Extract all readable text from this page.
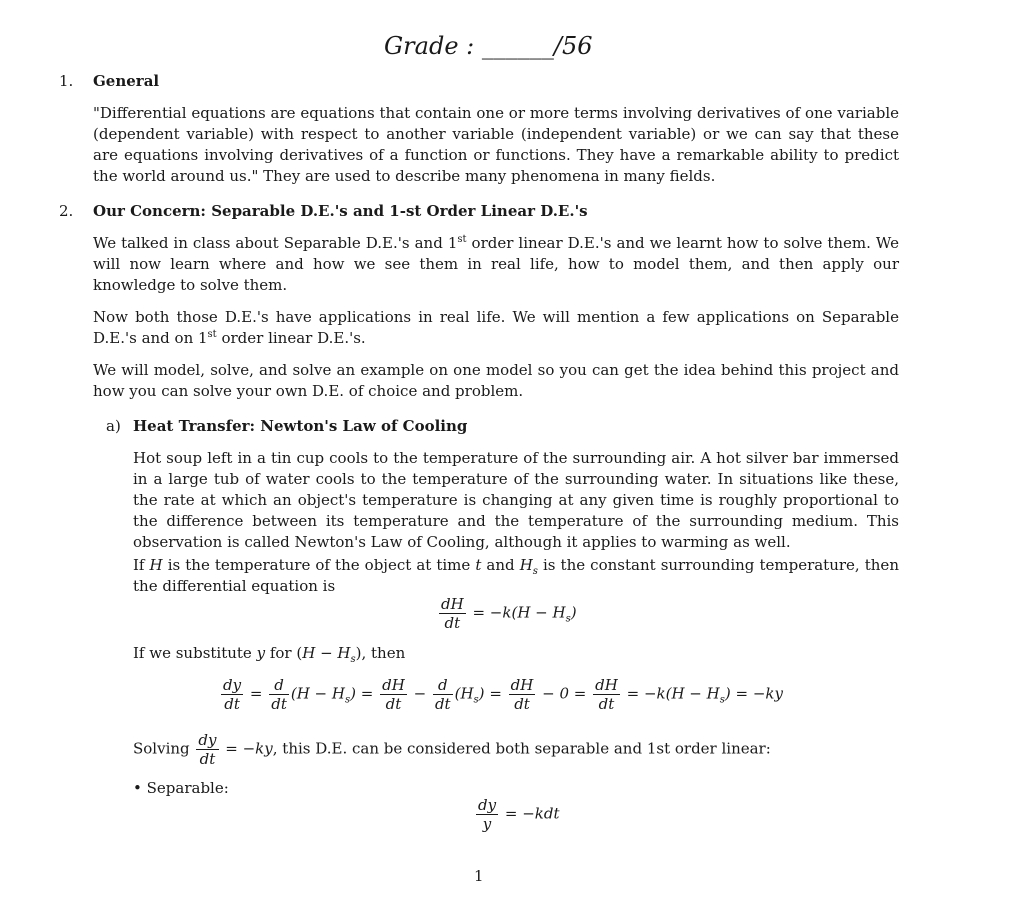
Grade : ______/56
1. General
"Differential equations are equations that contain one or more terms involving derivatives of one variable (dependent variable) with respect to another variable (independent variable) or we can say that these are equations involving derivatives of a function or functions. They have a remarkable ability to predict the world around us." They are used to describe many phenomena in many fields.
2. Our Concern: Separable D.E.'s and 1-st Order Linear D.E.'s
We talked in class about Separable D.E.'s and 1st order linear D.E.'s and we learnt how to solve them. We will now learn where and how we see them in real life, how to model them, and then apply our knowledge to solve them.
Now both those D.E.'s have applications in real life. We will mention a few applications on Separable D.E.'s and on 1st order linear D.E.'s.
We will model, solve, and solve an example on one model so you can get the idea behind this project and how you can solve your own D.E. of choice and problem.
a) Heat Transfer: Newton's Law of Cooling
Hot soup left in a tin cup cools to the temperature of the surrounding air. A hot silver bar immersed in a large tub of water cools to the temperature of the surrounding water. In situations like these, the rate at which an object's temperature is changing at any given time is roughly proportional to the difference between its temperature and the temperature of the surrounding medium. This observation is called Newton's Law of Cooling, although it applies to warming as well.
If H is the temperature of the object at time t and $H_s$ is the constant surrounding temperature, then the differential equation is
$\frac{dH}{dt} = -k(H - H_s)$
If we substitute y for $(H - H_s)$, then
$\frac{dy}{dt} = \frac{d}{dt} (H - H_s) = \frac{dH}{dt} - \frac{d}{dt} (H_s) = \frac{dH}{dt} - 0 = \frac{dH}{dt} = -k(H - H_s) = -ky$
Solving $\frac{dy}{dt} = -ky$, this D.E. can be considered both separable and 1st order linear:
• Separable:
$\frac{dy}{y} = -kdt$
1
